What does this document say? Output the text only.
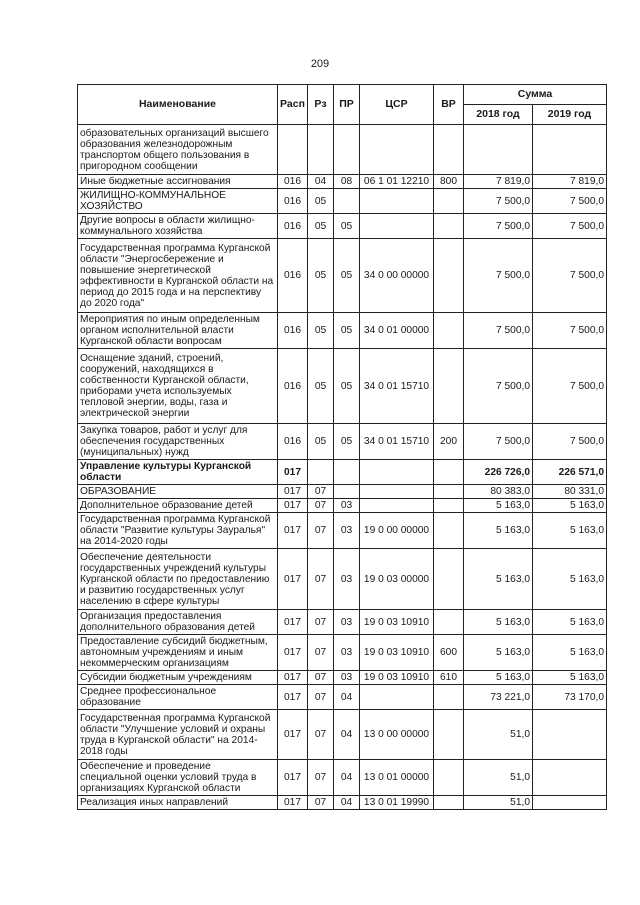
209
Наименование	Расп	Рз	ПР	ЦСР	ВР	Сумма	
						2018 год	2019 год
образовательных организаций высшего образования железнодорожным транспортом общего пользования в пригородном сообщении							
Иные бюджетные ассигнования	016	04	08	06 1 01 12210	800	7 819,0	7 819,0
ЖИЛИЩНО-КОММУНАЛЬНОЕ ХОЗЯЙСТВО	016	05				7 500,0	7 500,0
Другие вопросы в области жилищно-коммунального хозяйства	016	05	05			7 500,0	7 500,0
Государственная программа Курганской области "Энергосбережение и повышение энергетической эффективности в Курганской области на период до 2015 года и на перспективу до 2020 года"	016	05	05	34 0 00 00000		7 500,0	7 500,0
Мероприятия по иным определенным органом исполнительной власти Курганской области вопросам	016	05	05	34 0 01 00000		7 500,0	7 500,0
Оснащение зданий, строений, сооружений, находящихся в собственности Курганской области, приборами учета используемых тепловой энергии, воды, газа и электрической энергии	016	05	05	34 0 01 15710		7 500,0	7 500,0
Закупка товаров, работ и услуг для обеспечения государственных (муниципальных) нужд	016	05	05	34 0 01 15710	200	7 500,0	7 500,0
Управление культуры Курганской области	017					226 726,0	226 571,0
ОБРАЗОВАНИЕ	017	07				80 383,0	80 331,0
Дополнительное образование детей	017	07	03			5 163,0	5 163,0
Государственная программа Курганской области "Развитие культуры Зауралья" на 2014-2020 годы	017	07	03	19 0 00 00000		5 163,0	5 163,0
Обеспечение деятельности государственных учреждений культуры Курганской области по предоставлению и развитию государственных услуг населению в сфере культуры	017	07	03	19 0 03 00000		5 163,0	5 163,0
Организация предоставления дополнительного образования детей	017	07	03	19 0 03 10910		5 163,0	5 163,0
Предоставление субсидий бюджетным, автономным учреждениям и иным некоммерческим организациям	017	07	03	19 0 03 10910	600	5 163,0	5 163,0
Субсидии бюджетным учреждениям	017	07	03	19 0 03 10910	610	5 163,0	5 163,0
Среднее профессиональное образование	017	07	04			73 221,0	73 170,0
Государственная программа Курганской области "Улучшение условий и охраны труда в Курганской области" на 2014-2018 годы	017	07	04	13 0 00 00000		51,0	
Обеспечение и проведение специальной оценки условий труда в организациях Курганской области	017	07	04	13 0 01 00000		51,0	
Реализация иных направлений	017	07	04	13 0 01 19990		51,0	
